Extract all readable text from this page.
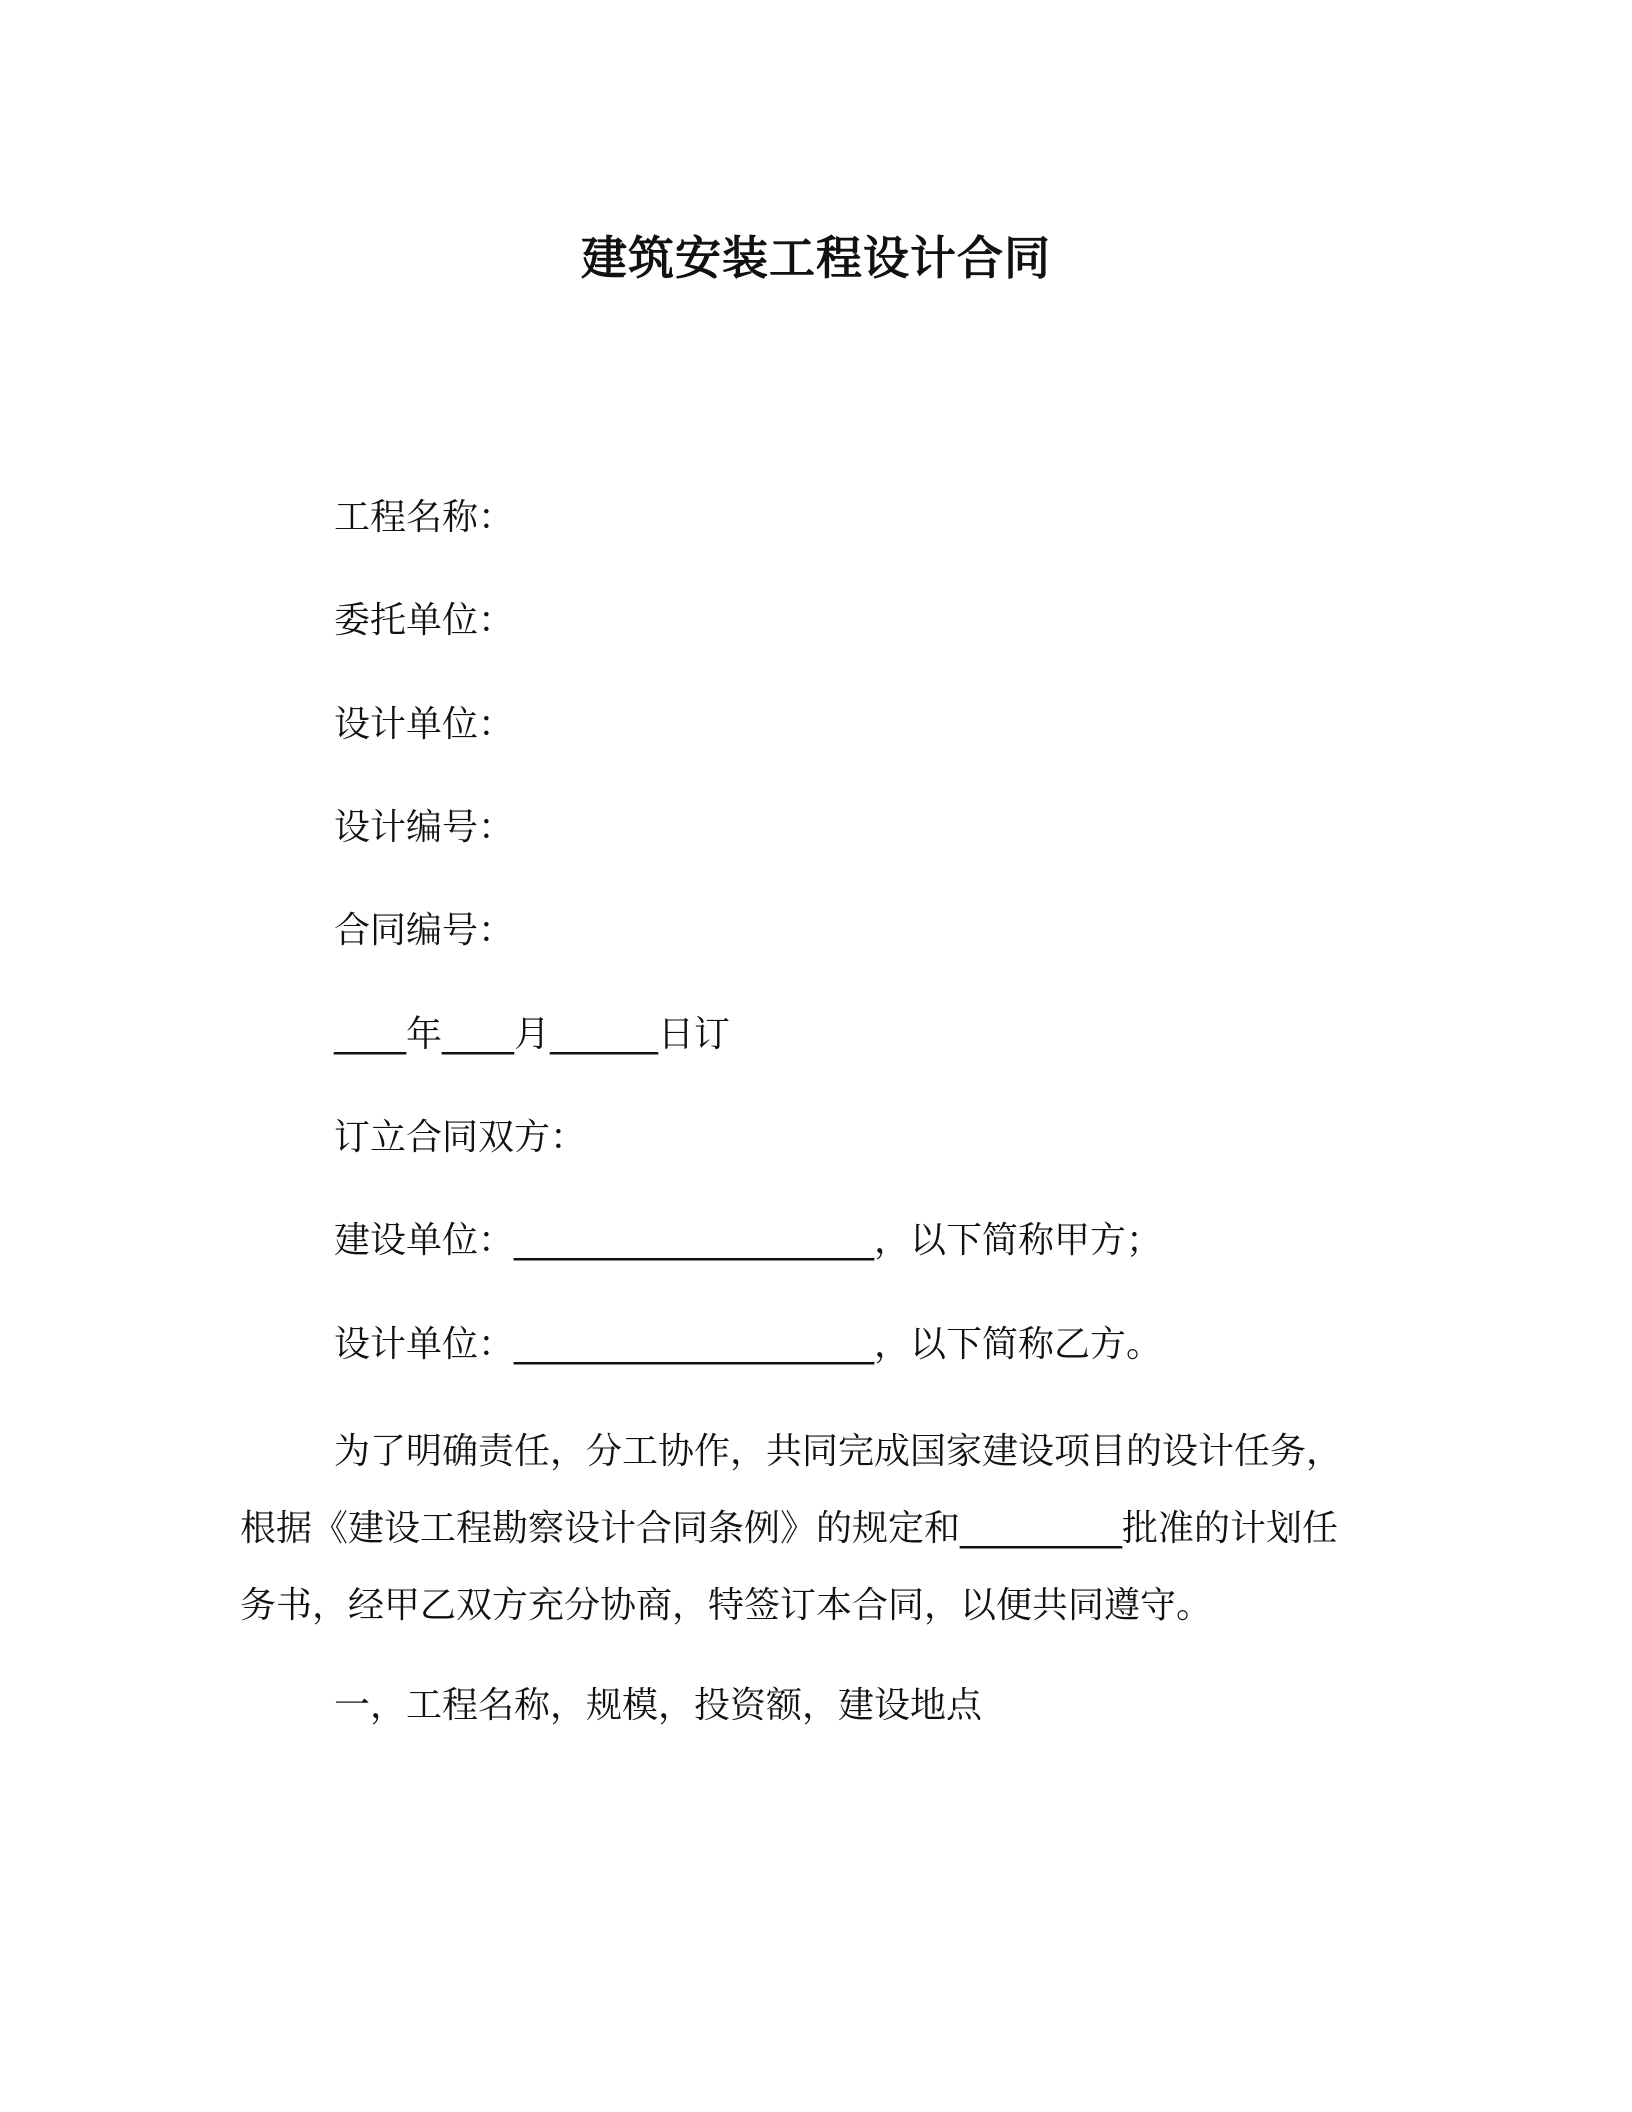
建筑安装工程设计合同

工程名称：

委托单位：

设计单位：

设计编号：

合同编号：

____年____月______日订

订立合同双方：

建设单位：____________________，以下简称甲方；

设计单位：____________________，以下简称乙方。

为了明确责任，分工协作，共同完成国家建设项目的设计任务，
根据《建设工程勘察设计合同条例》的规定和_________批准的计划任
务书，经甲乙双方充分协商，特签订本合同，以便共同遵守。

一，工程名称，规模，投资额，建设地点
